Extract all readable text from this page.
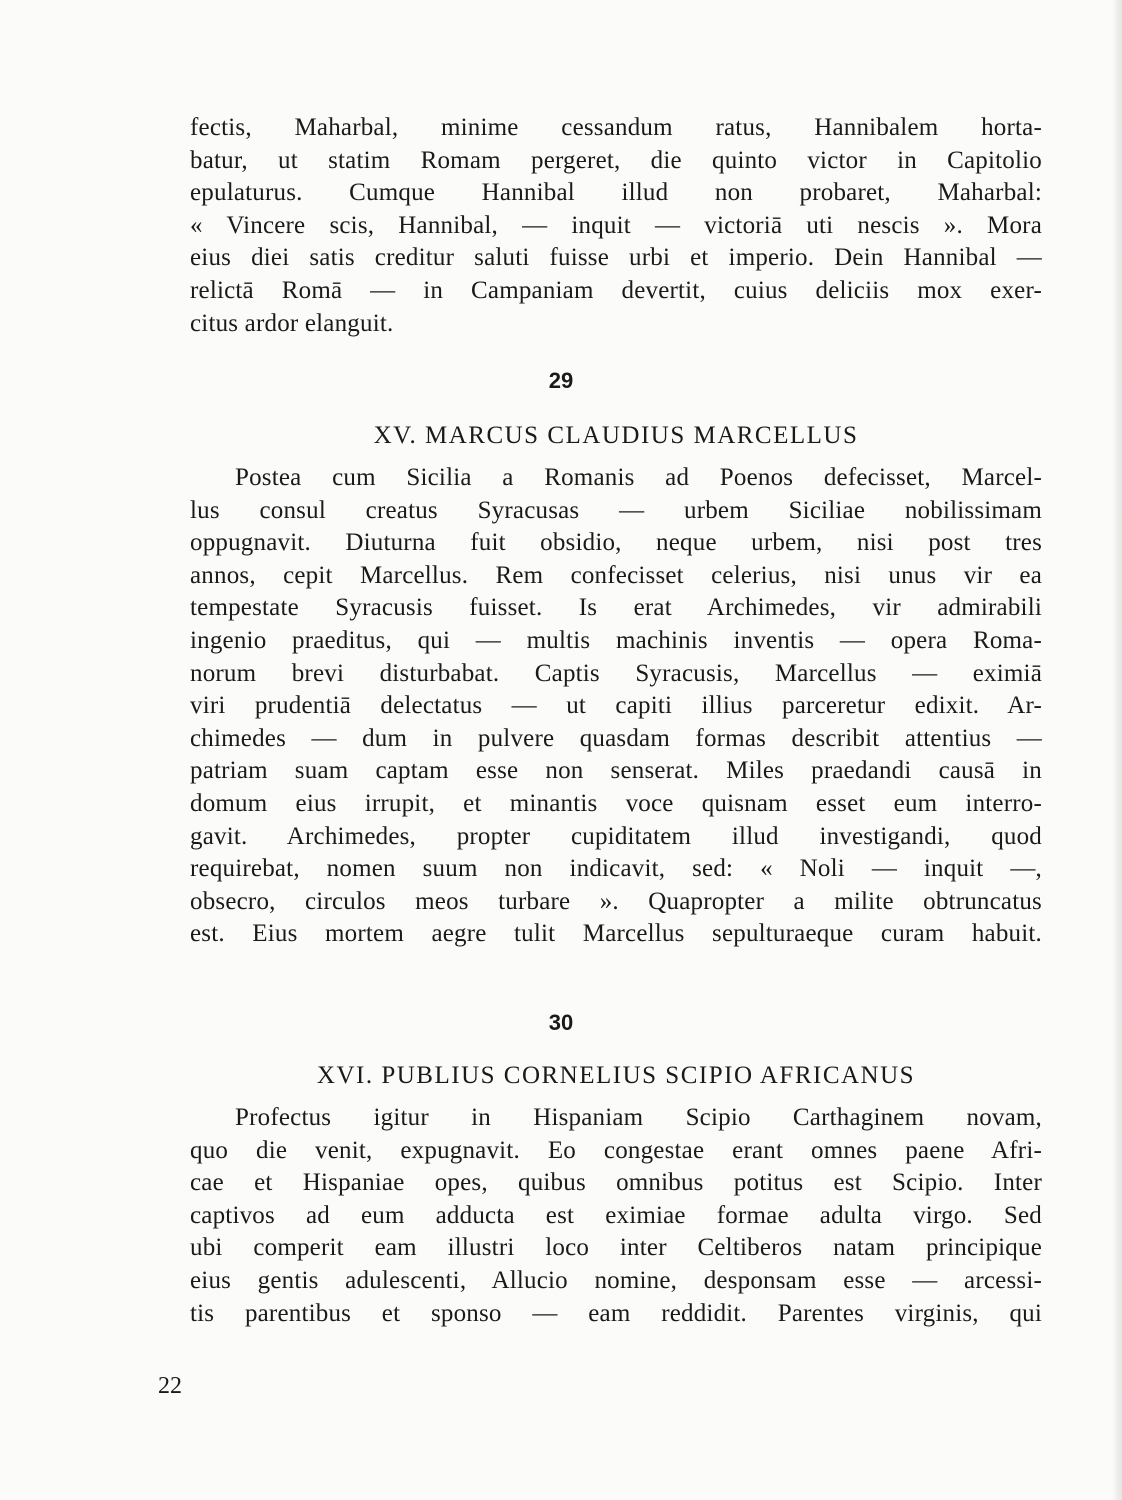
fectis, Maharbal, minime cessandum ratus, Hannibalem horta-
batur, ut statim Romam pergeret, die quinto victor in Capitolio
epulaturus. Cumque Hannibal illud non probaret, Maharbal:
« Vincere scis, Hannibal, — inquit — victoriā uti nescis ». Mora
eius diei satis creditur saluti fuisse urbi et imperio. Dein Hannibal —
relictā Romā — in Campaniam devertit, cuius deliciis mox exer-
citus ardor elanguit.
29
XV. MARCUS CLAUDIUS MARCELLUS
Postea cum Sicilia a Romanis ad Poenos defecisset, Marcel-
lus consul creatus Syracusas — urbem Siciliae nobilissimam
oppugnavit. Diuturna fuit obsidio, neque urbem, nisi post tres
annos, cepit Marcellus. Rem confecisset celerius, nisi unus vir ea
tempestate Syracusis fuisset. Is erat Archimedes, vir admirabili
ingenio praeditus, qui — multis machinis inventis — opera Roma-
norum brevi disturbabat. Captis Syracusis, Marcellus — eximiā
viri prudentiā delectatus — ut capiti illius parceretur edixit. Ar-
chimedes — dum in pulvere quasdam formas describit attentius —
patriam suam captam esse non senserat. Miles praedandi causā in
domum eius irrupit, et minantis voce quisnam esset eum interro-
gavit. Archimedes, propter cupiditatem illud investigandi, quod
requirebat, nomen suum non indicavit, sed: « Noli — inquit —,
obsecro, circulos meos turbare ». Quapropter a milite obtruncatus
est. Eius mortem aegre tulit Marcellus sepulturaeque curam habuit.
30
XVI. PUBLIUS CORNELIUS SCIPIO AFRICANUS
Profectus igitur in Hispaniam Scipio Carthaginem novam,
quo die venit, expugnavit. Eo congestae erant omnes paene Afri-
cae et Hispaniae opes, quibus omnibus potitus est Scipio. Inter
captivos ad eum adducta est eximiae formae adulta virgo. Sed
ubi comperit eam illustri loco inter Celtiberos natam principique
eius gentis adulescenti, Allucio nomine, desponsam esse — arcessi-
tis parentibus et sponso — eam reddidit. Parentes virginis, qui
22
